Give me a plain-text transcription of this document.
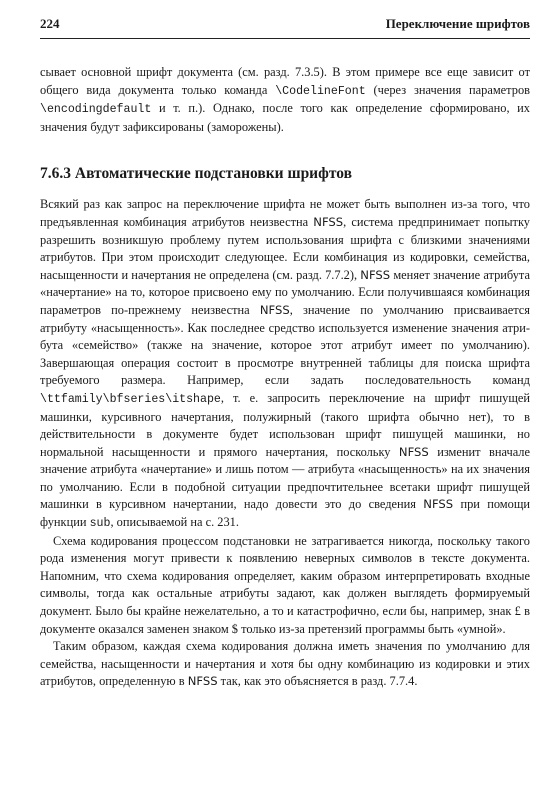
224	Переключение шрифтов

сывает основной шрифт документа (см. разд. 7.3.5). В этом примере все еще зависит от общего вида документа только команда \CodelineFont (через значения параметров \encodingdefault и т. п.). Однако, после того как определение сформировано, их значения будут зафиксированы (заморожены).

7.6.3 Автоматические подстановки шрифтов

Всякий раз как запрос на переключение шрифта не может быть выполнен из-за того, что предъявленная комбинация атрибутов неизвестна NFSS, система предпринимает попытку разрешить возникшую проблему путем использования шрифта с близкими значениями атрибутов. При этом происходит следующее. Если комбинация из кодировки, семейства, насыщенности и начертания не определена (см. разд. 7.7.2), NFSS меняет значение атрибута «начертание» на то, которое присвоено ему по умолчанию. Если получившаяся комбинация параметров по-прежнему неизвестна NFSS, значение по умолчанию присваивается атрибуту «насыщенность». Как последнее средство используется изменение значения атрибута «семейство» (также на значение, которое этот атрибут имеет по умолчанию). Завершающая операция состоит в просмотре внутренней таблицы для поиска шрифта требуемого размера. Например, если задать последовательность команд \ttfamily\bfseries\itshape, т. е. запросить переключение на шрифт пишущей машинки, курсивного начертания, полужирный (такого шрифта обычно нет), то в действительности в документе будет использован шрифт пишущей машинки, но нормальной насыщенности и прямого начертания, поскольку NFSS изменит вначале значение атрибута «начертание» и лишь потом — атрибута «насыщенность» на их значения по умолчанию. Если в подобной ситуации предпочтительнее всетаки шрифт пишущей машинки в курсивном начертании, надо довести это до сведения NFSS при помощи функции sub, описываемой на с. 231.

Схема кодирования процессом подстановки не затрагивается никогда, поскольку такого рода изменения могут привести к появлению неверных символов в тексте документа. Напомним, что схема кодирования определяет, каким образом интерпретировать входные символы, тогда как остальные атрибуты задают, как должен выглядеть формируемый документ. Было бы крайне нежелательно, а то и катастрофично, если бы, например, знак £ в документе оказался заменен знаком $ только из-за претензий программы быть «умной».

Таким образом, каждая схема кодирования должна иметь значения по умолчанию для семейства, насыщенности и начертания и хотя бы одну комбинацию из кодировки и этих атрибутов, определенную в NFSS так, как это объясняется в разд. 7.7.4.
